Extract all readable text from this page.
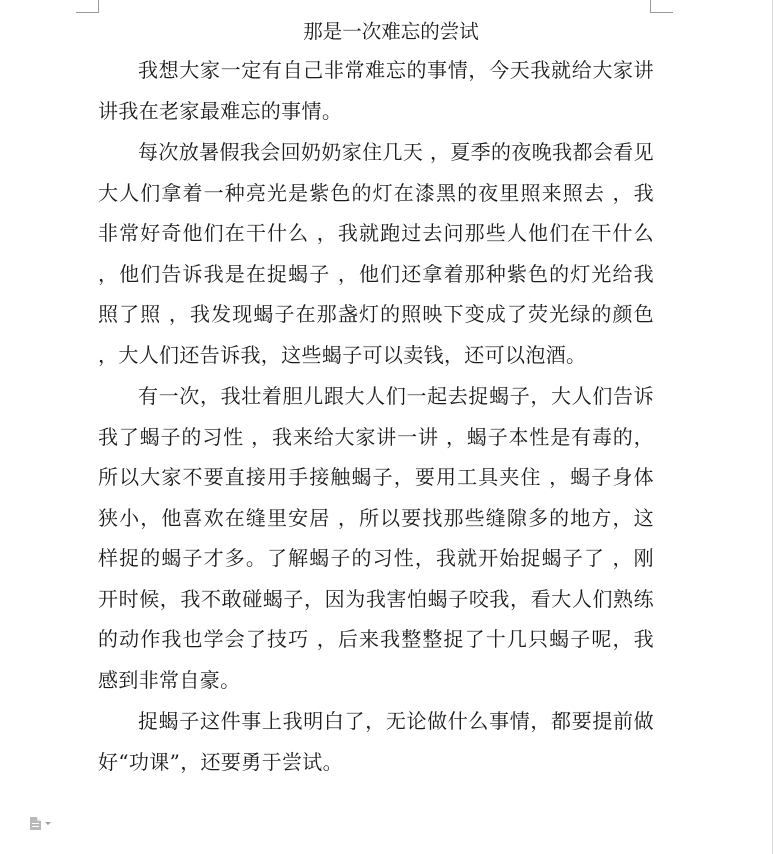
那是一次难忘的尝试

我想大家一定有自己非常难忘的事情，今天我就给大家讲讲我在老家最难忘的事情。

每次放暑假我会回奶奶家住几天 ，夏季的夜晚我都会看见大人们拿着一种亮光是紫色的灯在漆黑的夜里照来照去 ，我非常好奇他们在干什么 ，我就跑过去问那些人他们在干什么 ，他们告诉我是在捉蝎子 ，他们还拿着那种紫色的灯光给我照了照 ，我发现蝎子在那盏灯的照映下变成了荧光绿的颜色 ，大人们还告诉我，这些蝎子可以卖钱，还可以泡酒。

有一次，我壮着胆儿跟大人们一起去捉蝎子，大人们告诉我了蝎子的习性 ，我来给大家讲一讲 ，蝎子本性是有毒的，所以大家不要直接用手接触蝎子，要用工具夹住 ，蝎子身体狭小，他喜欢在缝里安居 ，所以要找那些缝隙多的地方，这样捉的蝎子才多。了解蝎子的习性，我就开始捉蝎子了 ，刚开时候，我不敢碰蝎子，因为我害怕蝎子咬我，看大人们熟练的动作我也学会了技巧 ，后来我整整捉了十几只蝎子呢，我感到非常自豪。

捉蝎子这件事上我明白了，无论做什么事情，都要提前做好“功课”，还要勇于尝试。
